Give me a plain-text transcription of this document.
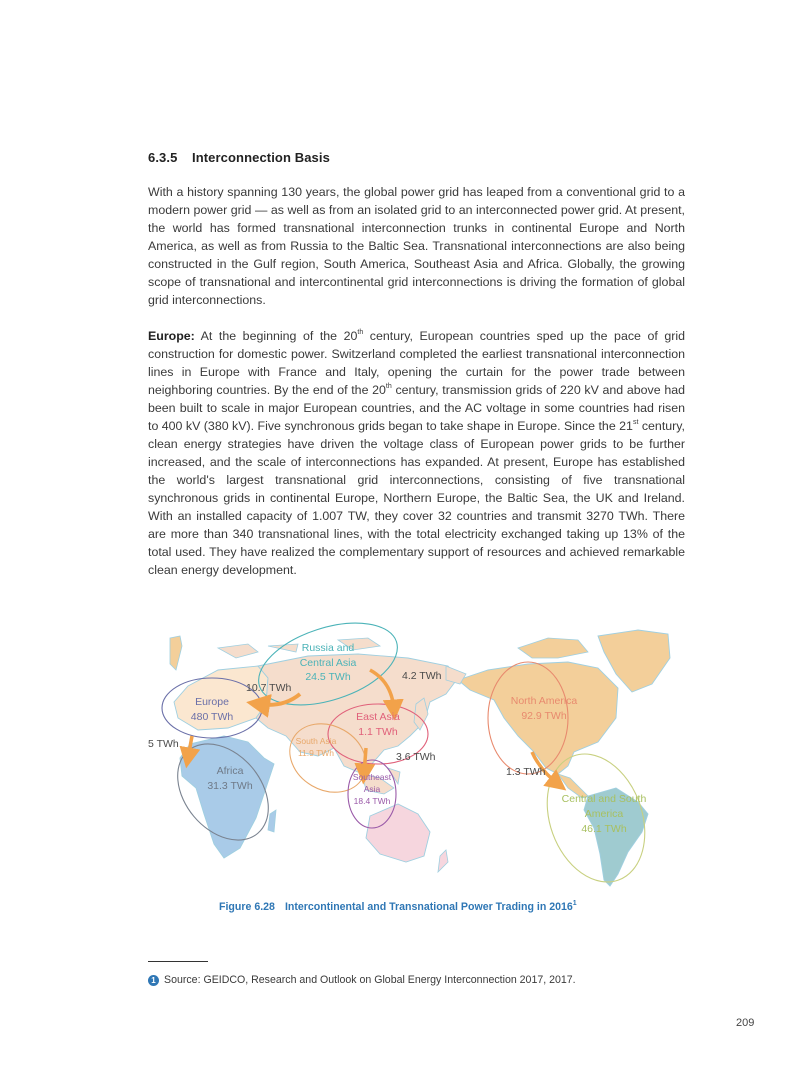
6.3.5 Interconnection Basis

With a history spanning 130 years, the global power grid has leaped from a conventional grid to a modern power grid — as well as from an isolated grid to an interconnected power grid. At present, the world has formed transnational interconnection trunks in continental Europe and North America, as well as from Russia to the Baltic Sea. Transnational interconnections are also being constructed in the Gulf region, South America, Southeast Asia and Africa. Globally, the growing scope of transnational and intercontinental grid interconnections is driving the formation of global grid interconnections.

Europe: At the beginning of the 20th century, European countries sped up the pace of grid construction for domestic power. Switzerland completed the earliest transnational interconnection lines in Europe with France and Italy, opening the curtain for the power trade between neighboring countries. By the end of the 20th century, transmission grids of 220 kV and above had been built to scale in major European countries, and the AC voltage in some countries had risen to 400 kV (380 kV). Five synchronous grids began to take shape in Europe. Since the 21st century, clean energy strategies have driven the voltage class of European power grids to be further increased, and the scale of interconnections has expanded. At present, Europe has established the world's largest transnational grid interconnections, consisting of five transnational synchronous grids in continental Europe, Northern Europe, the Baltic Sea, the UK and Ireland. With an installed capacity of 1.007 TW, they cover 32 countries and transmit 3270 TWh. There are more than 340 transnational lines, with the total electricity exchanged taking up 13% of the total used. They have realized the complementary support of resources and achieved remarkable clean energy development.

Russia and
Central Asia
24.5 TWh
Europe
480 TWh	East Asia
1.1 TWh
South Asia
11.9 TWh
Africa
31.3 TWh
Southeast
Asia
18.4 TWh
North America
92.9 TWh
Central and South
America
46.1 TWh
10.7 TWh
4.2 TWh
5 TWh
3.6 TWh
1.3 TWh
Figure 6.28 Intercontinental and Transnational Power Trading in 2016$^1$
1 Source: GEIDCO, Research and Outlook on Global Energy Interconnection 2017, 2017.
209
